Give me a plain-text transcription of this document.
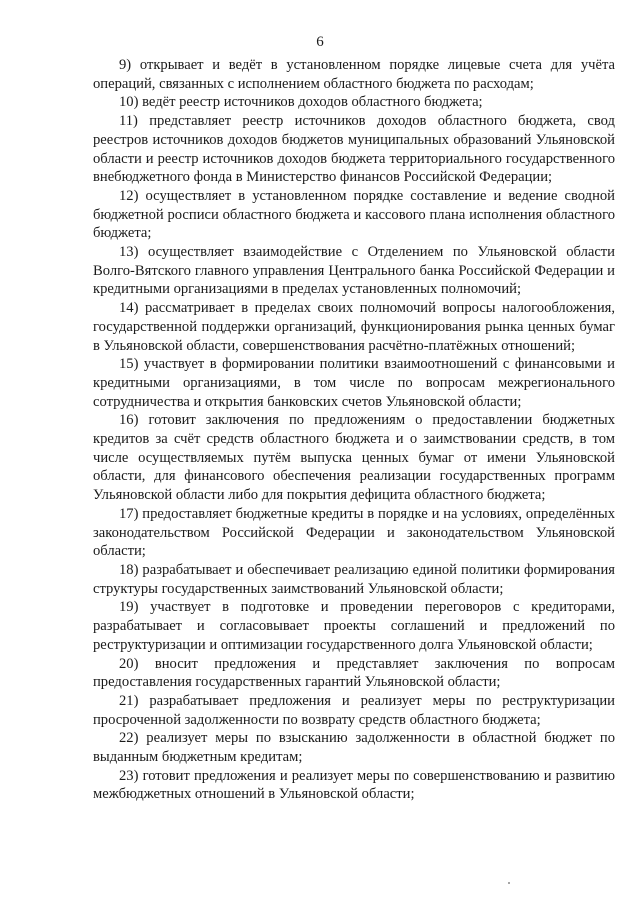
6

9) открывает и ведёт в установленном порядке лицевые счета для учёта операций, связанных с исполнением областного бюджета по расходам;

10) ведёт реестр источников доходов областного бюджета;

11) представляет реестр источников доходов областного бюджета, свод реестров источников доходов бюджетов муниципальных образований Ульяновской области и реестр источников доходов бюджета территориального государственного внебюджетного фонда в Министерство финансов Российской Федерации;

12) осуществляет в установленном порядке составление и ведение сводной бюджетной росписи областного бюджета и кассового плана исполнения областного бюджета;

13) осуществляет взаимодействие с Отделением по Ульяновской области Волго-Вятского главного управления Центрального банка Российской Федерации и кредитными организациями в пределах установленных полномочий;

14) рассматривает в пределах своих полномочий вопросы налогообложения, государственной поддержки организаций, функционирования рынка ценных бумаг в Ульяновской области, совершенствования расчётно-платёжных отношений;

15) участвует в формировании политики взаимоотношений с финансовыми и кредитными организациями, в том числе по вопросам межрегионального сотрудничества и открытия банковских счетов Ульяновской области;

16) готовит заключения по предложениям о предоставлении бюджетных кредитов за счёт средств областного бюджета и о заимствовании средств, в том числе осуществляемых путём выпуска ценных бумаг от имени Ульяновской области, для финансового обеспечения реализации государственных программ Ульяновской области либо для покрытия дефицита областного бюджета;

17) предоставляет бюджетные кредиты в порядке и на условиях, определённых законодательством Российской Федерации и законодательством Ульяновской области;

18) разрабатывает и обеспечивает реализацию единой политики формирования структуры государственных заимствований Ульяновской области;

19) участвует в подготовке и проведении переговоров с кредиторами, разрабатывает и согласовывает проекты соглашений и предложений по реструктуризации и оптимизации государственного долга Ульяновской области;

20) вносит предложения и представляет заключения по вопросам предоставления государственных гарантий Ульяновской области;

21) разрабатывает предложения и реализует меры по реструктуризации просроченной задолженности по возврату средств областного бюджета;

22) реализует меры по взысканию задолженности в областной бюджет по выданным бюджетным кредитам;

23) готовит предложения и реализует меры по совершенствованию и развитию межбюджетных отношений в Ульяновской области;
